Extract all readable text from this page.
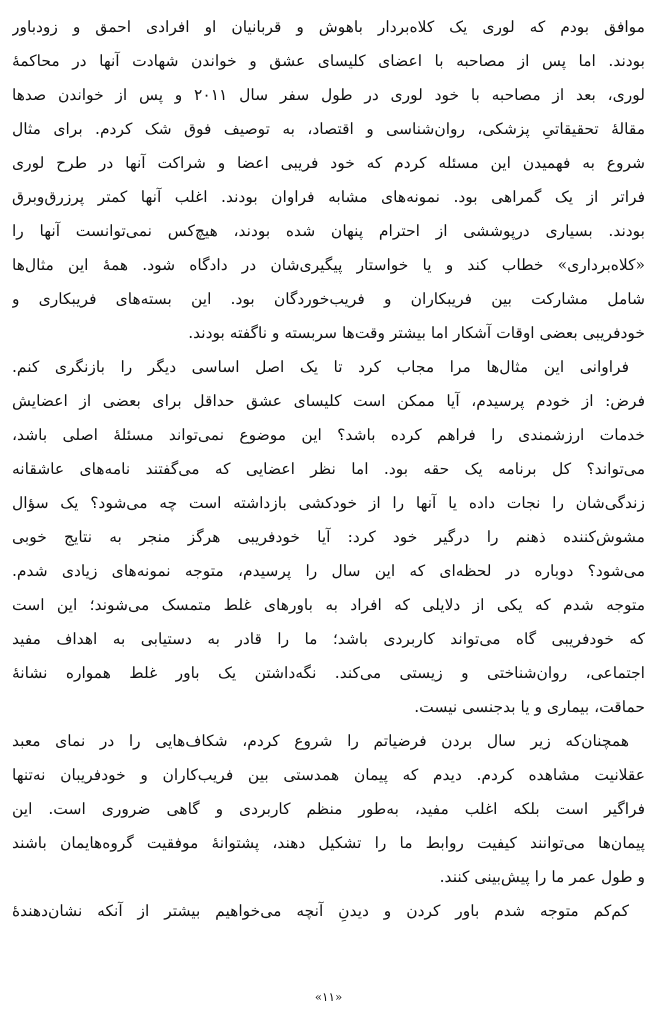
موافق بودم که لوری یک کلاه‌بردار باهوش و قربانیان او افرادی احمق و زودباور
بودند. اما پس از مصاحبه با اعضای کلیسای عشق و خواندن شهادت آنها در محاکمۀ
لوری، بعد از مصاحبه با خود لوری در طول سفر سال ۲۰۱۱ و پس از خواندن صدها
مقالۀ تحقیقاتیِ پزشکی، روان‌شناسی و اقتصاد، به توصیف فوق شک کردم. برای مثال
شروع به فهمیدن این مسئله کردم که خود فریبی اعضا و شراکت آنها در طرح لوری
فراتر از یک گمراهی بود. نمونه‌های مشابه فراوان بودند. اغلب آنها کمتر پرزرق‌وبرق
بودند. بسیاری درپوششی از احترام پنهان شده بودند، هیچ‌کس نمی‌توانست آنها را
«کلاه‌برداری» خطاب کند و یا خواستار پیگیری‌شان در دادگاه شود. همۀ این مثال‌ها
شامل مشارکت بین فریبکاران و فریب‌خوردگان بود. این بسته‌های فریبکاری و
خودفریبی بعضی اوقات آشکار اما بیشتر وقت‌ها سربسته و ناگفته بودند.
فراوانی این مثال‌ها مرا مجاب کرد تا یک اصل اساسی دیگر را بازنگری کنم.
فرض: از خودم پرسیدم، آیا ممکن است کلیسای عشق حداقل برای بعضی از اعضایش
خدمات ارزشمندی را فراهم کرده باشد؟ این موضوع نمی‌تواند مسئلۀ اصلی باشد،
می‌تواند؟ کل برنامه یک حقه بود. اما نظر اعضایی که می‌گفتند نامه‌های عاشقانه
زندگی‌شان را نجات داده یا آنها را از خودکشی بازداشته است چه می‌شود؟ یک سؤال
مشوش‌کننده ذهنم را درگیر خود کرد: آیا خودفریبی هرگز منجر به نتایج خوبی
می‌شود؟ دوباره در لحظه‌ای که این سال را پرسیدم، متوجه نمونه‌های زیادی شدم.
متوجه شدم که یکی از دلایلی که افراد به باورهای غلط متمسک می‌شوند؛ این است
که خودفریبی گاه می‌تواند کاربردی باشد؛ ما را قادر به دستیابی به اهداف مفید
اجتماعی، روان‌شناختی و زیستی می‌کند. نگه‌داشتن یک باور غلط همواره نشانۀ
حماقت، بیماری و یا بدجنسی نیست.
همچنان‌که زیر سال بردن فرضیاتم را شروع کردم، شکاف‌هایی را در نمای معبد
عقلانیت مشاهده کردم. دیدم که پیمان همدستی بین فریب‌کاران و خودفریبان نه‌تنها
فراگیر است بلکه اغلب مفید، به‌طور منظم کاربردی و گاهی ضروری است. این
پیمان‌ها می‌توانند کیفیت روابط ما را تشکیل دهند، پشتوانۀ موفقیت گروه‌هایمان باشند
و طول عمر ما را پیش‌بینی کنند.
کم‌کم متوجه شدم باور کردن و دیدنِ آنچه می‌خواهیم بیشتر از آنکه نشان‌دهندۀ
«۱۱»
